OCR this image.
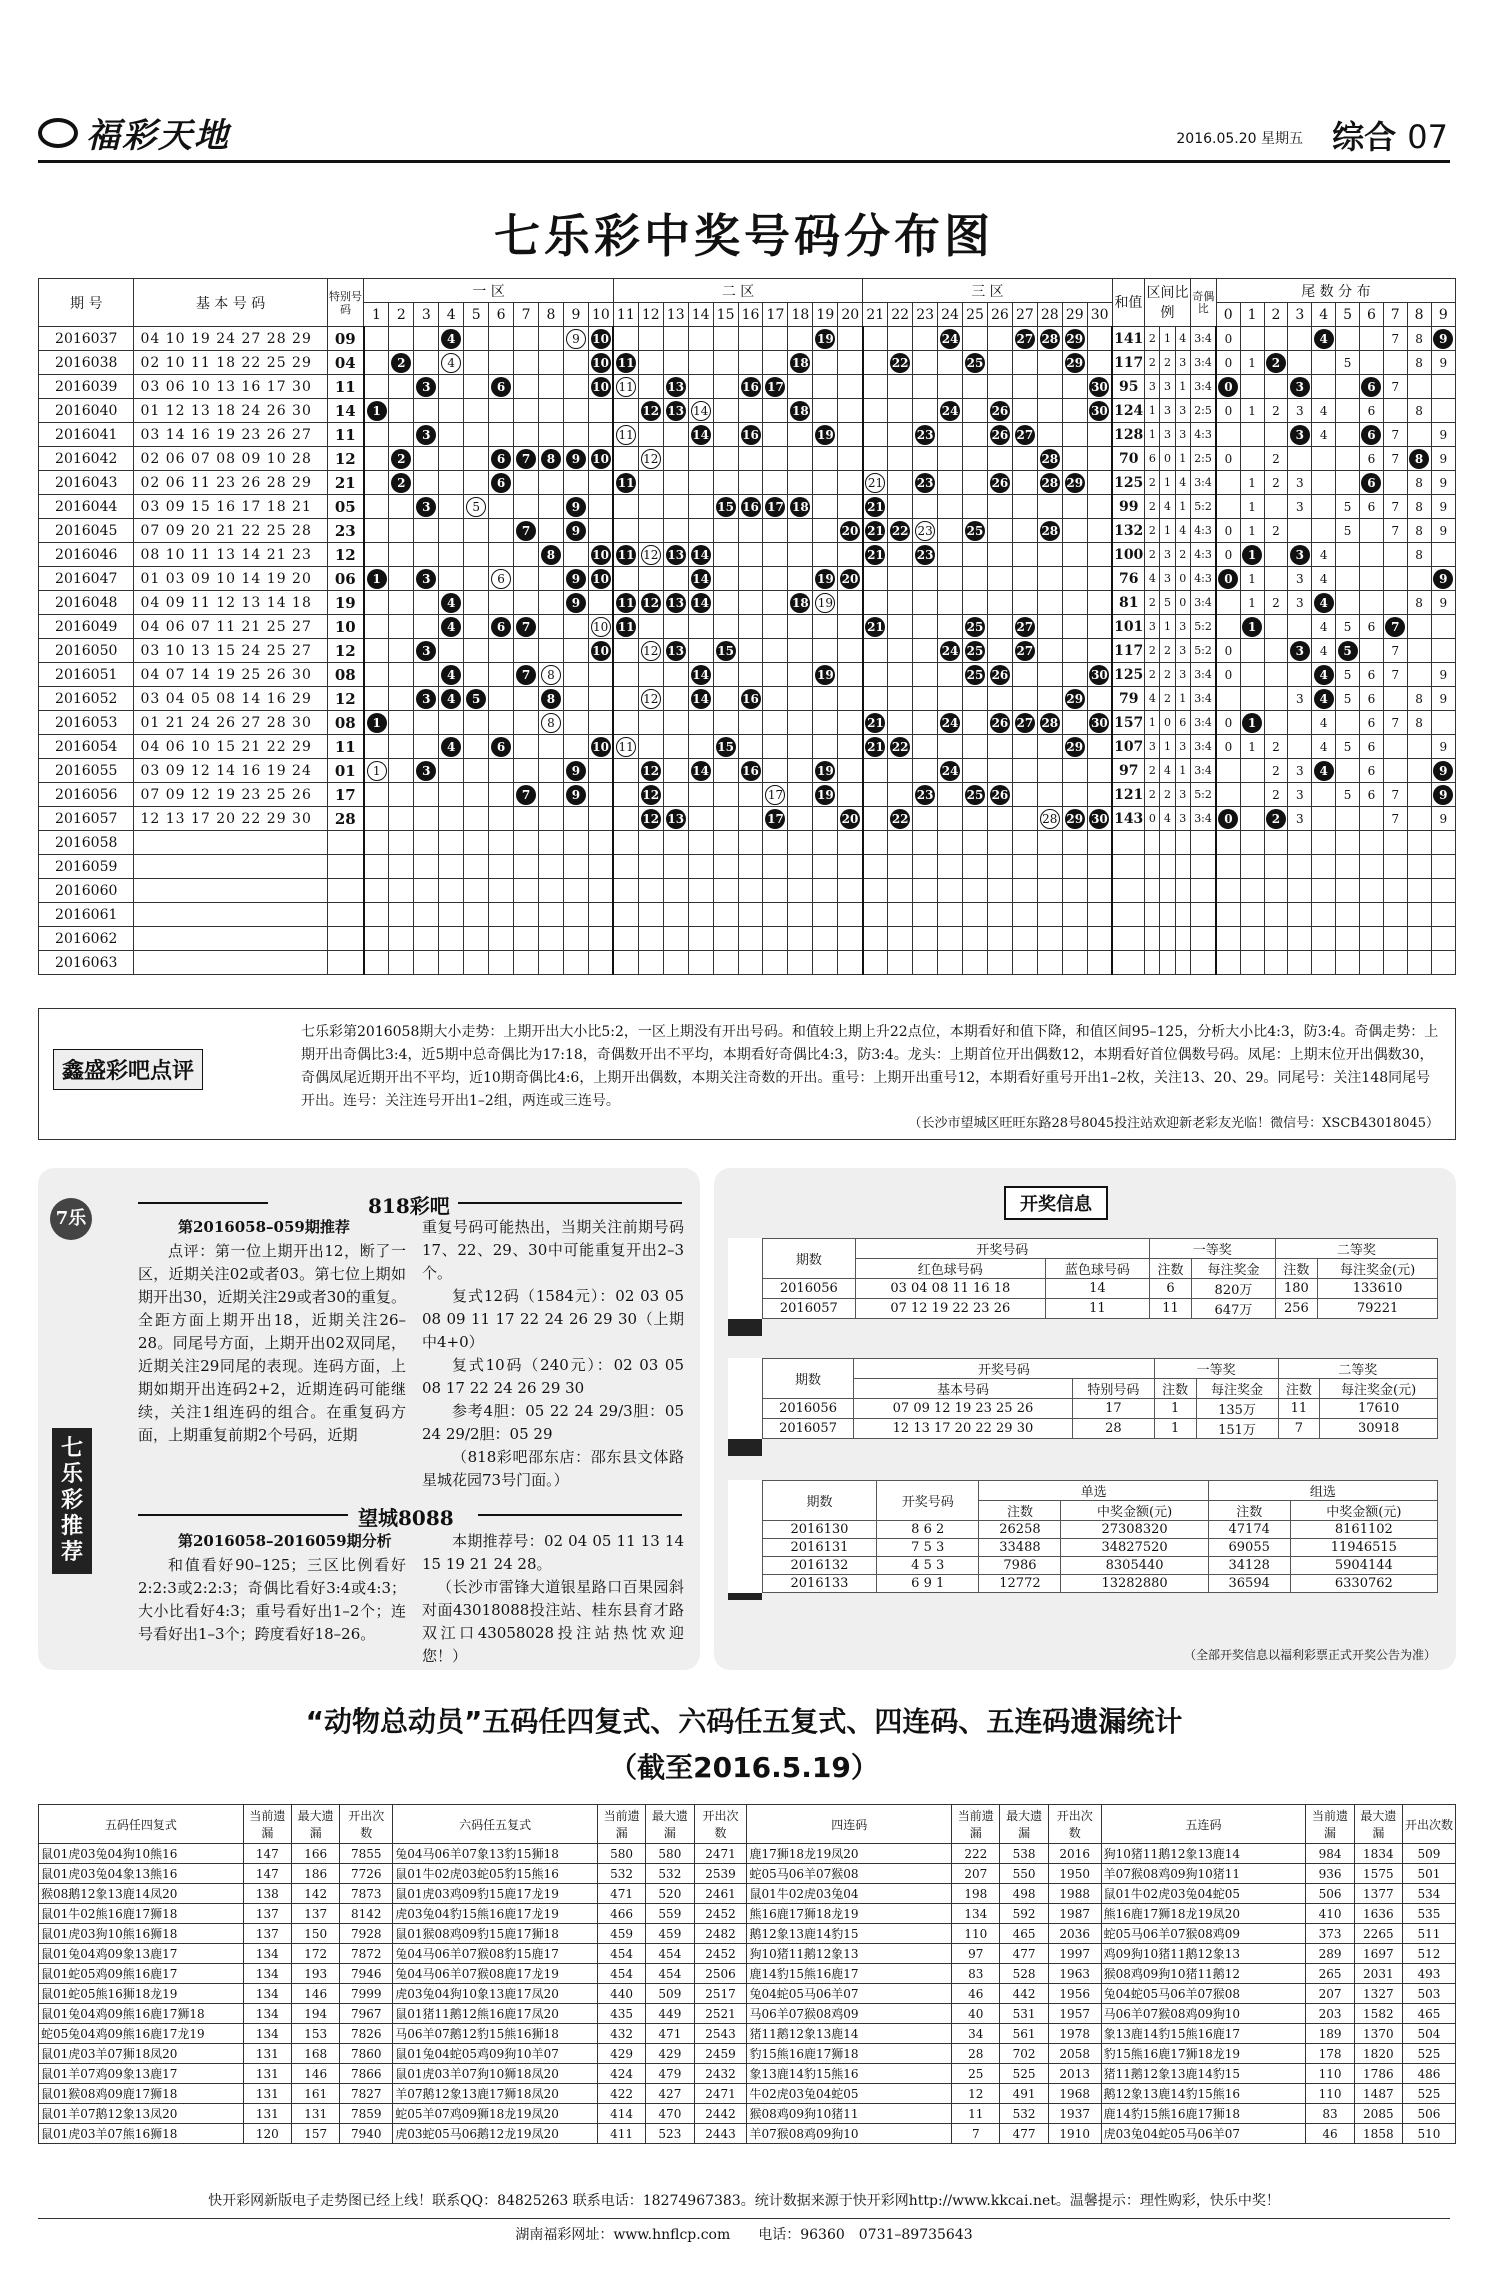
福彩天地	2016.05.20 星期五 综合 07
七乐彩中奖号码分布图
期 号	基 本 号 码	特别号码	一 区										二 区										三 区										和值	区间比例			奇偶比	尾 数 分 布									
			1	2	3	4	5	6	7	8	9	10	11	12	13	14	15	16	17	18	19	20	21	22	23	24	25	26	27	28	29	30						0	1	2	3	4	5	6	7	8	9
2016037	04 10 19 24 27 28 29	09				4					9	10									19					24			27	28	29		141	2	1	4	3:4	0				4			7	8	9
2016038	02 10 11 18 22 25 29	04		2		4						10	11							18				22			25				29		117	2	2	3	3:4	0	1	2			5			8	9
2016039	03 06 10 13 16 17 30	11			3			6				10	11		13			16	17													30	95	3	3	1	3:4	0			3			6	7		
2016040	01 12 13 18 24 26 30	14	1											12	13	14				18						24		26				30	124	1	3	3	2:5	0	1	2	3	4		6		8	
2016041	03 14 16 19 23 26 27	11			3								11			14		16			19				23			26	27				128	1	3	3	4:3				3	4		6	7		9
2016042	02 06 07 08 09 10 28	12		2				6	7	8	9	10		12																28			70	6	0	1	2:5	0		2				6	7	8	9
2016043	02 06 11 23 26 28 29	21		2				6					11										21		23			26		28	29		125	2	1	4	3:4		1	2	3			6		8	9
2016044	03 09 15 16 17 18 21	05			3		5				9						15	16	17	18			21										99	2	4	1	5:2		1		3		5	6	7	8	9
2016045	07 09 20 21 22 25 28	23							7		9											20	21	22	23		25			28			132	2	1	4	4:3	0	1	2			5		7	8	9
2016046	08 10 11 13 14 21 23	12								8		10	11	12	13	14							21		23								100	2	3	2	4:3	0	1		3	4				8	
2016047	01 03 09 10 14 19 20	06	1		3			6			9	10				14					19	20											76	4	3	0	4:3	0	1		3	4					9
2016048	04 09 11 12 13 14 18	19				4					9		11	12	13	14				18	19												81	2	5	0	3:4		1	2	3	4				8	9
2016049	04 06 07 11 21 25 27	10				4		6	7			10	11										21				25		27				101	3	1	3	5:2		1			4	5	6	7		
2016050	03 10 13 15 24 25 27	12			3							10		12	13		15									24	25		27				117	2	2	3	5:2	0			3	4	5		7		
2016051	04 07 14 19 25 26 30	08				4			7	8						14					19						25	26				30	125	2	2	3	3:4	0				4	5	6	7		9
2016052	03 04 05 08 14 16 29	12			3	4	5			8				12		14		16													29		79	4	2	1	3:4				3	4	5	6		8	9
2016053	01 21 24 26 27 28 30	08	1							8													21			24		26	27	28		30	157	1	0	6	3:4	0	1			4		6	7	8	
2016054	04 06 10 15 21 22 29	11				4		6				10	11				15						21	22							29		107	3	1	3	3:4	0	1	2		4	5	6			9
2016055	03 09 12 14 16 19 24	01	1		3						9			12		14		16			19					24							97	2	4	1	3:4			2	3	4		6			9
2016056	07 09 12 19 23 25 26	17							7		9			12					17		19				23		25	26					121	2	2	3	5:2			2	3		5	6	7		9
2016057	12 13 17 20 22 29 30	28												12	13				17			20		22						28	29	30	143	0	4	3	3:4	0		2	3				7		9
2016058																																															
2016059																																															
2016060																																															
2016061																																															
2016062																																															
2016063																																															
鑫盛彩吧点评
七乐彩第2016058期大小走势：上期开出大小比5:2，一区上期没有开出号码。和值较上期上升22点位，本期看好和值下降，和值区间95–125，分析大小比4:3，防3:4。奇偶走势：上期开出奇偶比3:4，近5期中总奇偶比为17:18，奇偶数开出不平均，本期看好奇偶比4:3，防3:4。龙头：上期首位开出偶数12，本期看好首位偶数号码。凤尾：上期末位开出偶数30，奇偶凤尾近期开出不平均，近10期奇偶比4:6，上期开出偶数，本期关注奇数的开出。重号：上期开出重号12，本期看好重号开出1–2枚，关注13、20、29。同尾号：关注148同尾号开出。连号：关注连号开出1–2组，两连或三连号。
（长沙市望城区旺旺东路28号8045投注站欢迎新老彩友光临！微信号：XSCB43018045）
7乐
七乐彩推荐
818彩吧
第2016058–059期推荐
点评：第一位上期开出12，断了一区，近期关注02或者03。第七位上期如期开出30，近期关注29或者30的重复。全距方面上期开出18，近期关注26–28。同尾号方面，上期开出02双同尾，近期关注29同尾的表现。连码方面，上期如期开出连码2+2，近期连码可能继续，关注1组连码的组合。在重复码方面，上期重复前期2个号码，近期
重复号码可能热出，当期关注前期号码17、22、29、30中可能重复开出2–3个。
复式12码（1584元）：02 03 05 08 09 11 17 22 24 26 29 30（上期中4+0）
复式10码（240元）：02 03 05 08 17 22 24 26 29 30
参考4胆：05 22 24 29/3胆：05 24 29/2胆：05 29
（818彩吧邵东店：邵东县文体路星城花园73号门面。）
望城8088
第2016058–2016059期分析
和值看好90–125；三区比例看好2:2:3或2:2:3；奇偶比看好3:4或4:3；大小比看好4:3；重号看好出1–2个；连号看好出1–3个；跨度看好18–26。
本期推荐号：02 04 05 11 13 14 15 19 21 24 28。
（长沙市雷锋大道银星路口百果园斜对面43018088投注站、桂东县育才路双江口43058028投注站热忱欢迎您！）
开奖信息
	期数	开奖号码		一等奖		二等奖	
		红色球号码	蓝色球号码	注数	每注奖金	注数	每注奖金(元)
	2016056	03 04 08 11 16 18	14	6	820万	180	133610
	2016057	07 12 19 22 23 26	11	11	647万	256	79221
	期数	开奖号码		一等奖		二等奖	
		基本号码	特别号码	注数	每注奖金	注数	每注奖金(元)
	2016056	07 09 12 19 23 25 26	17	1	135万	11	17610
	2016057	12 13 17 20 22 29 30	28	1	151万	7	30918
	期数	开奖号码	单选		组选	
			注数	中奖金额(元)	注数	中奖金额(元)
	2016130	8 6 2	26258	27308320	47174	8161102
	2016131	7 5 3	33488	34827520	69055	11946515
	2016132	4 5 3	7986	8305440	34128	5904144
	2016133	6 9 1	12772	13282880	36594	6330762
（全部开奖信息以福利彩票正式开奖公告为准）
“动物总动员”五码任四复式、六码任五复式、四连码、五连码遗漏统计
（截至2016.5.19）
五码任四复式	当前遗漏	最大遗漏	开出次数	六码任五复式	当前遗漏	最大遗漏	开出次数	四连码	当前遗漏	最大遗漏	开出次数	五连码	当前遗漏	最大遗漏	开出次数
鼠01虎03兔04狗10熊16	147	166	7855	兔04马06羊07象13豹15狮18	580	580	2471	鹿17狮18龙19凤20	222	538	2016	狗10猪11鹅12象13鹿14	984	1834	509
鼠01虎03兔04象13熊16	147	186	7726	鼠01牛02虎03蛇05豹15熊16	532	532	2539	蛇05马06羊07猴08	207	550	1950	羊07猴08鸡09狗10猪11	936	1575	501
猴08鹅12象13鹿14凤20	138	142	7873	鼠01虎03鸡09豹15鹿17龙19	471	520	2461	鼠01牛02虎03兔04	198	498	1988	鼠01牛02虎03兔04蛇05	506	1377	534
鼠01牛02熊16鹿17狮18	137	137	8142	虎03兔04豹15熊16鹿17龙19	466	559	2452	熊16鹿17狮18龙19	134	592	1987	熊16鹿17狮18龙19凤20	410	1636	535
鼠01虎03狗10熊16狮18	137	150	7928	鼠01猴08鸡09豹15鹿17狮18	459	459	2482	鹅12象13鹿14豹15	110	465	2036	蛇05马06羊07猴08鸡09	373	2265	511
鼠01兔04鸡09象13鹿17	134	172	7872	兔04马06羊07猴08豹15鹿17	454	454	2452	狗10猪11鹅12象13	97	477	1997	鸡09狗10猪11鹅12象13	289	1697	512
鼠01蛇05鸡09熊16鹿17	134	193	7946	兔04马06羊07猴08鹿17龙19	454	454	2506	鹿14豹15熊16鹿17	83	528	1963	猴08鸡09狗10猪11鹅12	265	2031	493
鼠01蛇05熊16狮18龙19	134	146	7999	虎03兔04狗10象13鹿17凤20	440	509	2517	兔04蛇05马06羊07	46	442	1956	兔04蛇05马06羊07猴08	207	1327	503
鼠01兔04鸡09熊16鹿17狮18	134	194	7967	鼠01猪11鹅12熊16鹿17凤20	435	449	2521	马06羊07猴08鸡09	40	531	1957	马06羊07猴08鸡09狗10	203	1582	465
蛇05兔04鸡09熊16鹿17龙19	134	153	7826	马06羊07鹅12豹15熊16狮18	432	471	2543	猪11鹅12象13鹿14	34	561	1978	象13鹿14豹15熊16鹿17	189	1370	504
鼠01虎03羊07狮18凤20	131	168	7860	鼠01兔04蛇05鸡09狗10羊07	429	429	2459	豹15熊16鹿17狮18	28	702	2058	豹15熊16鹿17狮18龙19	178	1820	525
鼠01羊07鸡09象13鹿17	131	146	7866	鼠01虎03羊07狗10狮18凤20	424	479	2432	象13鹿14豹15熊16	25	525	2013	猪11鹅12象13鹿14豹15	110	1786	486
鼠01猴08鸡09鹿17狮18	131	161	7827	羊07鹅12象13鹿17狮18凤20	422	427	2471	牛02虎03兔04蛇05	12	491	1968	鹅12象13鹿14豹15熊16	110	1487	525
鼠01羊07鹅12象13凤20	131	131	7859	蛇05羊07鸡09狮18龙19凤20	414	470	2442	猴08鸡09狗10猪11	11	532	1937	鹿14豹15熊16鹿17狮18	83	2085	506
鼠01虎03羊07熊16狮18	120	157	7940	虎03蛇05马06鹅12龙19凤20	411	523	2443	羊07猴08鸡09狗10	7	477	1910	虎03兔04蛇05马06羊07	46	1858	510
快开彩网新版电子走势图已经上线！联系QQ：84825263 联系电话：18274967383。统计数据来源于快开彩网http://www.kkcai.net。温馨提示：理性购彩，快乐中奖！
湖南福彩网址：www.hnflcp.com　　电话：96360　0731–89735643
